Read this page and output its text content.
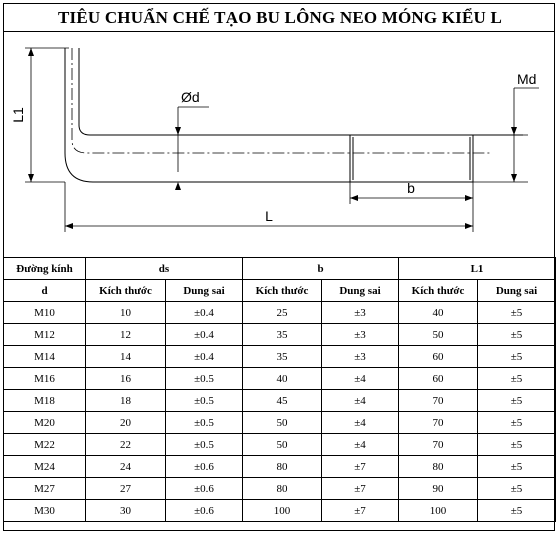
TIÊU CHUẨN CHẾ TẠO BU LÔNG NEO MÓNG KIỂU L
L1
Ød
Md
b
L
Đường kính	ds		b		L1	
d	Kích thước	Dung sai	Kích thước	Dung sai	Kích thước	Dung sai
M10	10	±0.4	25	±3	40	±5
M12	12	±0.4	35	±3	50	±5
M14	14	±0.4	35	±3	60	±5
M16	16	±0.5	40	±4	60	±5
M18	18	±0.5	45	±4	70	±5
M20	20	±0.5	50	±4	70	±5
M22	22	±0.5	50	±4	70	±5
M24	24	±0.6	80	±7	80	±5
M27	27	±0.6	80	±7	90	±5
M30	30	±0.6	100	±7	100	±5
